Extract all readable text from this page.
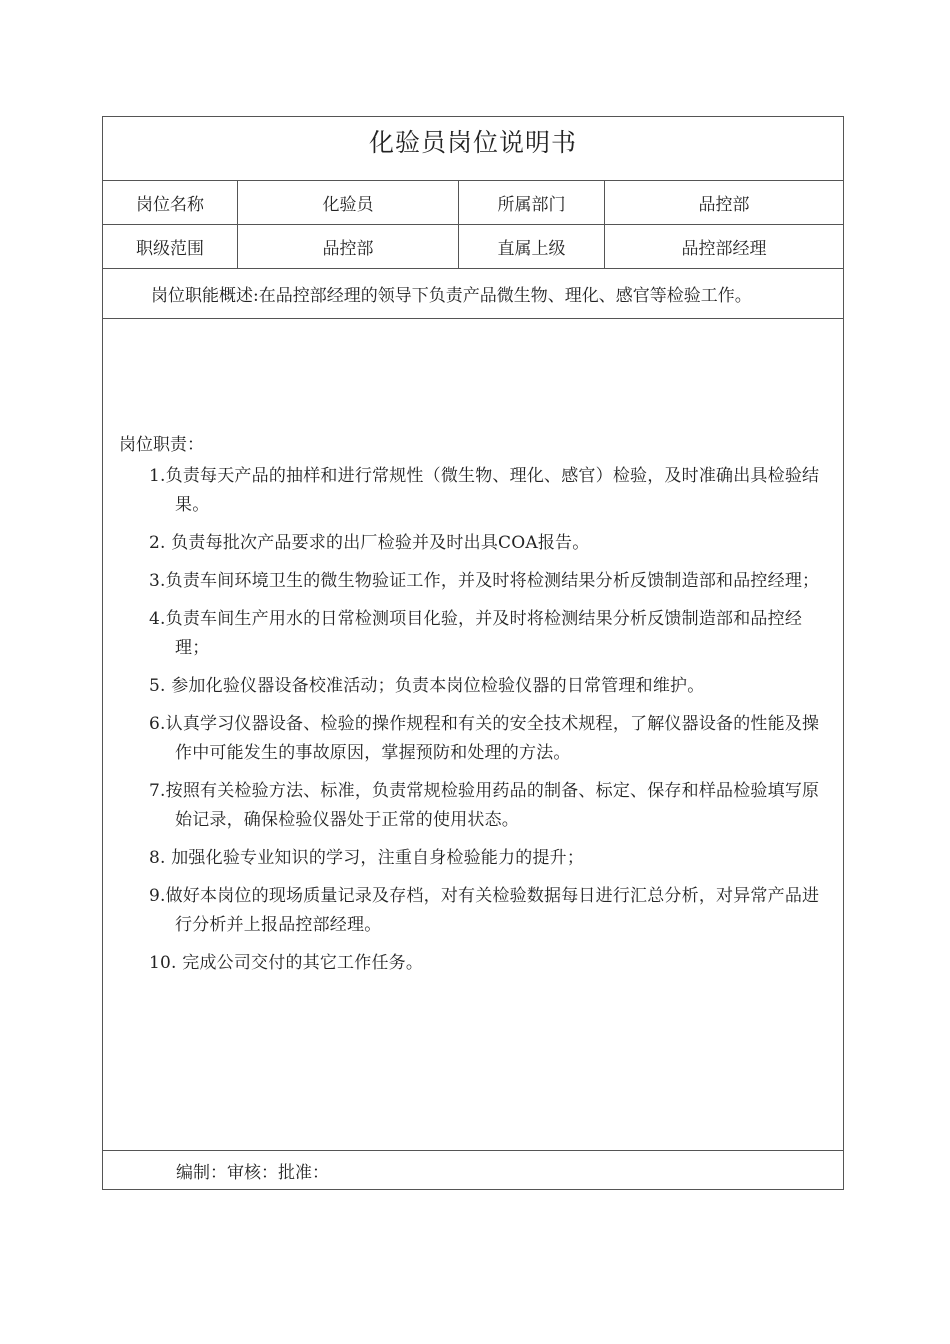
化验员岗位说明书
岗位名称	化验员	所属部门	品控部
职级范围	品控部	直属上级	品控部经理
岗位职能概述:在品控部经理的领导下负责产品微生物、理化、感官等检验工作。
岗位职责：
1.负责每天产品的抽样和进行常规性（微生物、理化、感官）检验，及时准确出具检验结果。
2. 负责每批次产品要求的出厂检验并及时出具COA报告。
3.负责车间环境卫生的微生物验证工作，并及时将检测结果分析反馈制造部和品控经理；
4.负责车间生产用水的日常检测项目化验，并及时将检测结果分析反馈制造部和品控经理；
5. 参加化验仪器设备校准活动；负责本岗位检验仪器的日常管理和维护。
6.认真学习仪器设备、检验的操作规程和有关的安全技术规程，了解仪器设备的性能及操作中可能发生的事故原因，掌握预防和处理的方法。
7.按照有关检验方法、标准，负责常规检验用药品的制备、标定、保存和样品检验填写原始记录，确保检验仪器处于正常的使用状态。
8. 加强化验专业知识的学习，注重自身检验能力的提升；
9.做好本岗位的现场质量记录及存档，对有关检验数据每日进行汇总分析，对异常产品进行分析并上报品控部经理。
10. 完成公司交付的其它工作任务。
编制：审核：批准：
